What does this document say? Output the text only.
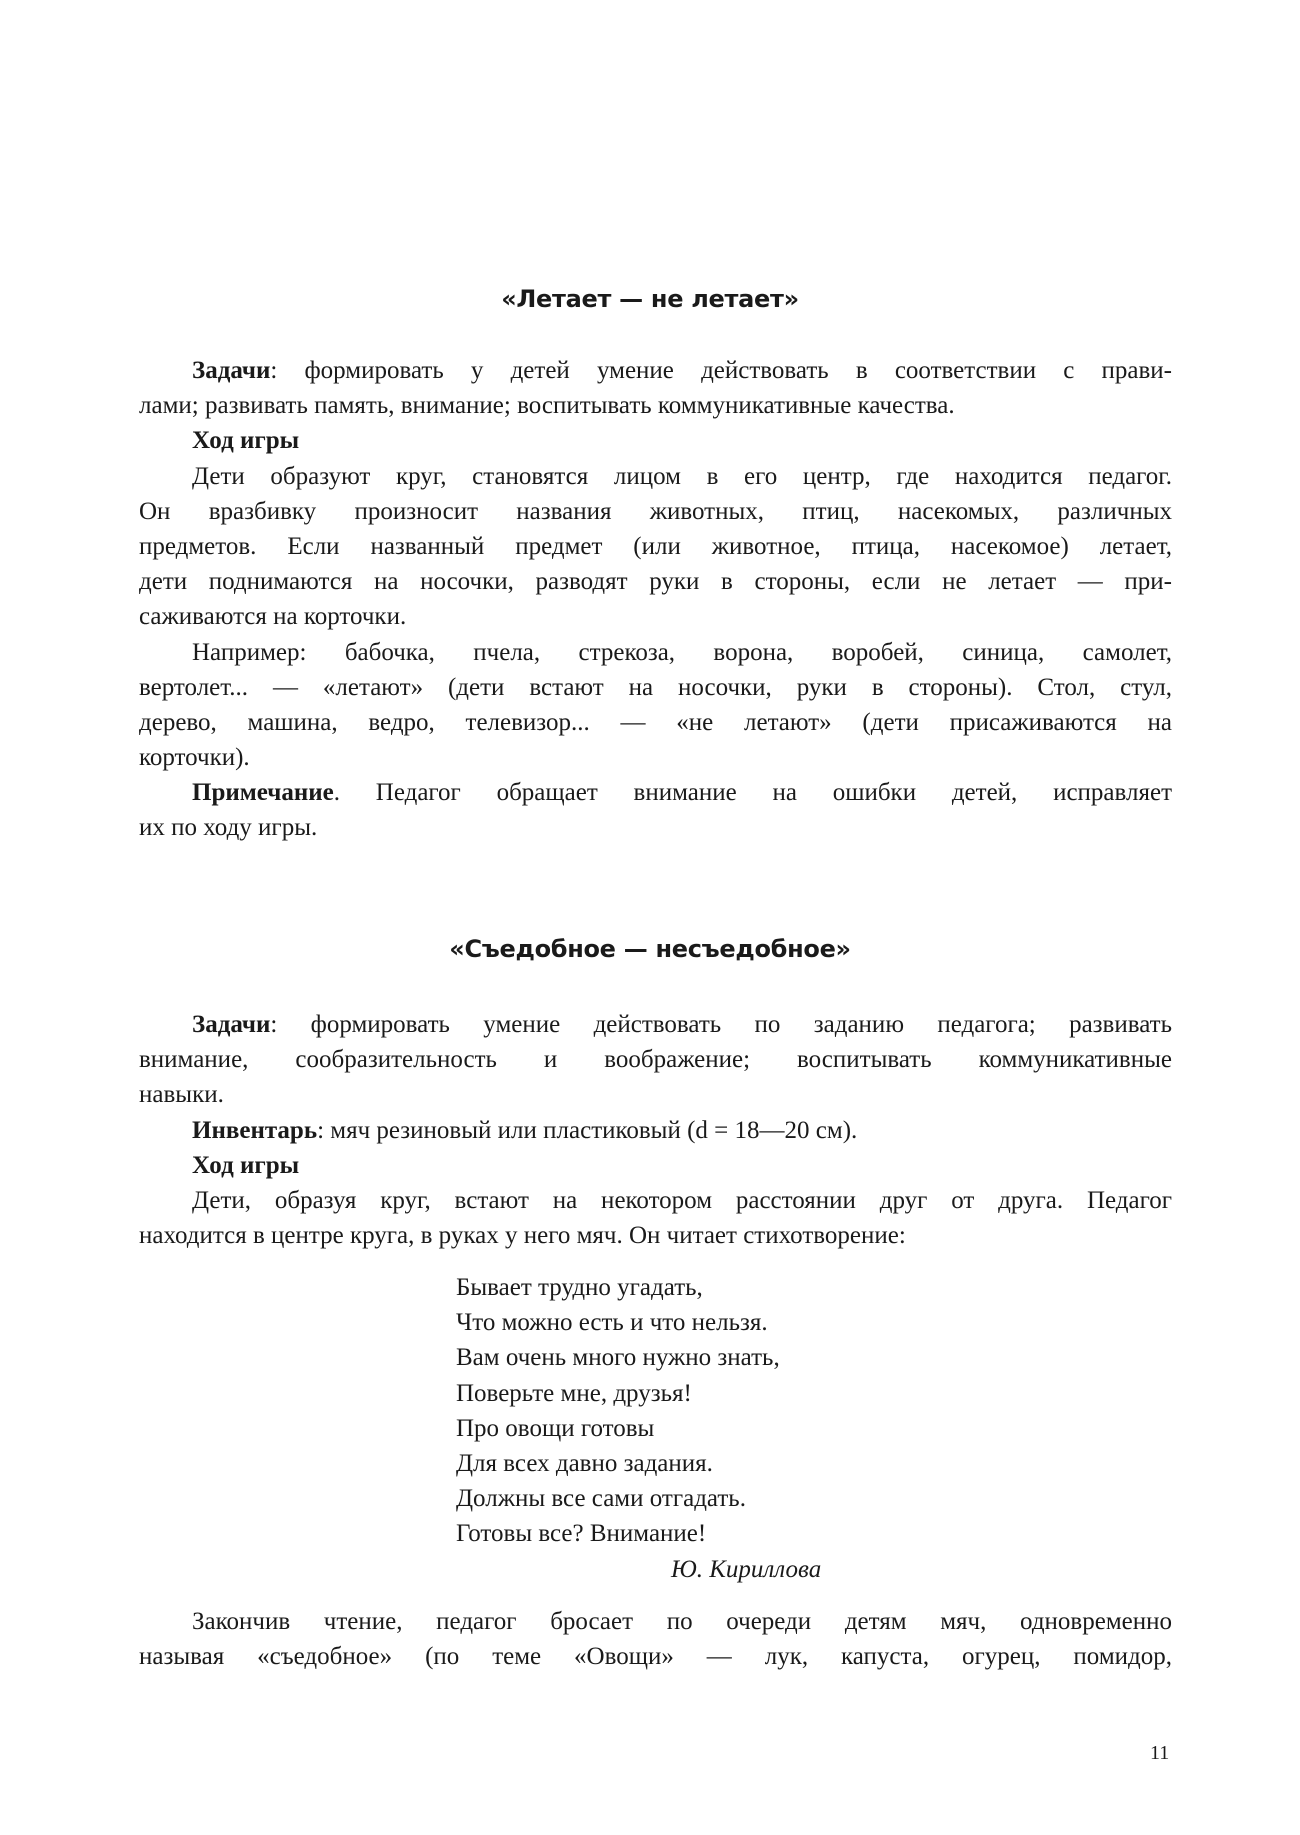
«Летает — не летает»
Задачи: формировать у детей умение действовать в соответствии с прави-
лами; развивать память, внимание; воспитывать коммуникативные качества.
Ход игры
Дети образуют круг, становятся лицом в его центр, где находится педагог.
Он вразбивку произносит названия животных, птиц, насекомых, различных
предметов. Если названный предмет (или животное, птица, насекомое) летает,
дети поднимаются на носочки, разводят руки в стороны, если не летает — при-
саживаются на корточки.
Например: бабочка, пчела, стрекоза, ворона, воробей, синица, самолет,
вертолет... — «летают» (дети встают на носочки, руки в стороны). Стол, стул,
дерево, машина, ведро, телевизор... — «не летают» (дети присаживаются на
корточки).
Примечание. Педагог обращает внимание на ошибки детей, исправляет
их по ходу игры.
«Съедобное — несъедобное»
Задачи: формировать умение действовать по заданию педагога; развивать
внимание, сообразительность и воображение; воспитывать коммуникативные
навыки.
Инвентарь: мяч резиновый или пластиковый (d = 18—20 см).
Ход игры
Дети, образуя круг, встают на некотором расстоянии друг от друга. Педагог
находится в центре круга, в руках у него мяч. Он читает стихотворение:
Бывает трудно угадать,
Что можно есть и что нельзя.
Вам очень много нужно знать,
Поверьте мне, друзья!
Про овощи готовы
Для всех давно задания.
Должны все сами отгадать.
Готовы все? Внимание!
Ю. Кириллова
Закончив чтение, педагог бросает по очереди детям мяч, одновременно
называя «съедобное» (по теме «Овощи» — лук, капуста, огурец, помидор,
11
